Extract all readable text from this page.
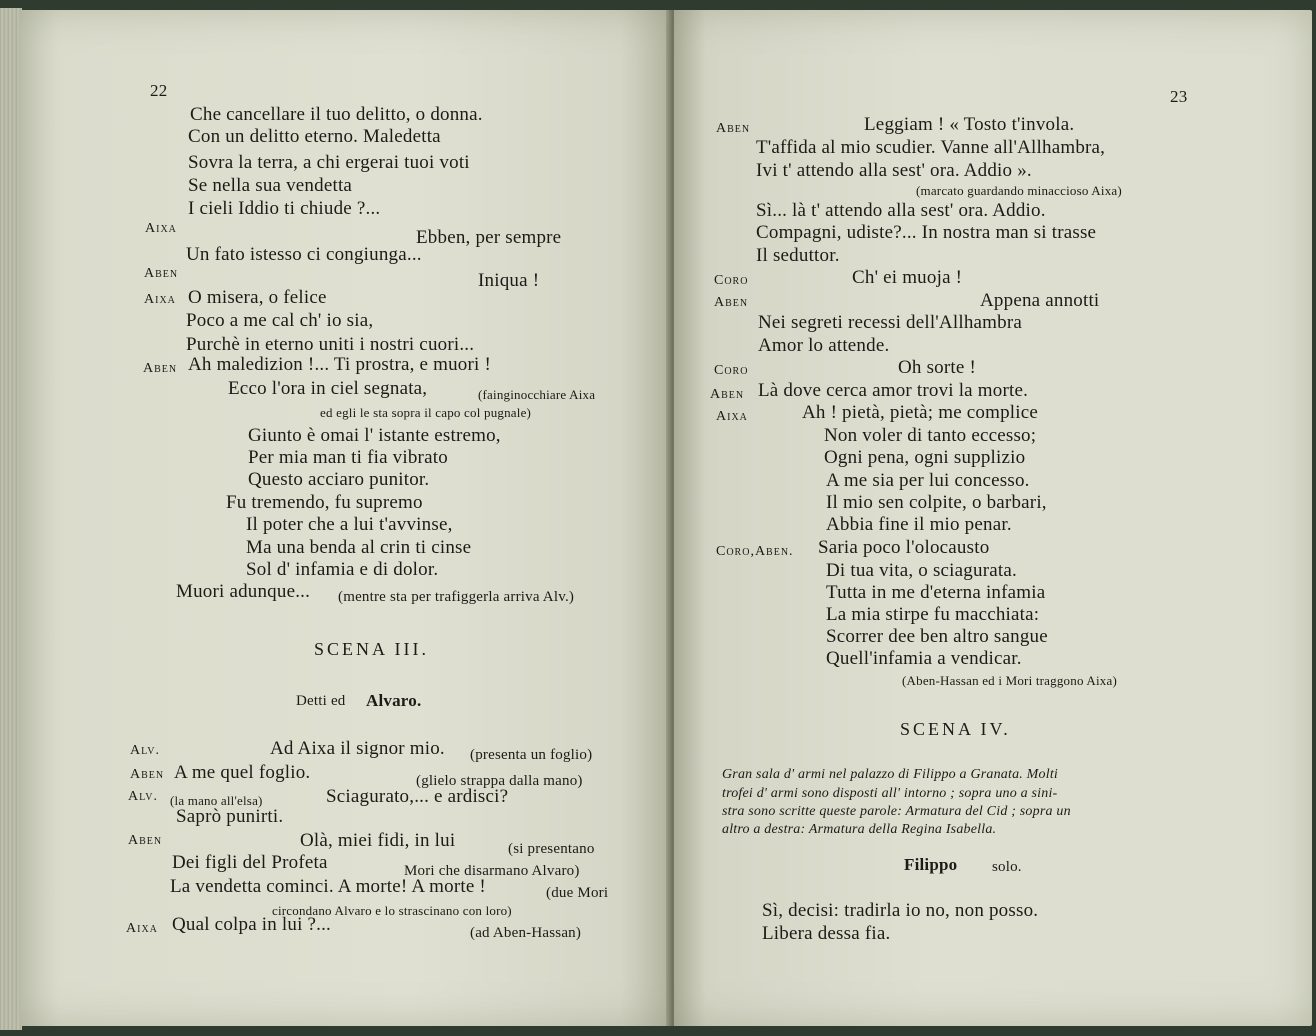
22
Che cancellare il tuo delitto, o donna.
Con un delitto eterno. Maledetta
Sovra la terra, a chi ergerai tuoi voti
Se nella sua vendetta
I cieli Iddio ti chiude ?...
Aixa	Ebben, per sempre
Un fato istesso ci congiunga...
Aben	Iniqua !
Aixa O misera, o felice
Poco a me cal ch' io sia,
Purchè in eterno uniti i nostri cuori...
Aben Ah maledizion !... Ti prostra, e muori !
Ecco l'ora in ciel segnata,	(fainginocchiare Aixa
ed egli le sta sopra il capo col pugnale)
Giunto è omai l' istante estremo,
Per mia man ti fia vibrato
Questo acciaro punitor.
Fu tremendo, fu supremo
Il poter che a lui t'avvinse,
Ma una benda al crin ti cinse
Sol d' infamia e di dolor.
Muori adunque... (mentre sta per trafiggerla arriva Alv.)
SCENA III.
Detti ed Alvaro.
Alv.	Ad Aixa il signor mio. (presenta un foglio)
Aben A me quel foglio.	(glielo strappa dalla mano)
Alv. (la mano all'elsa)	Sciagurato,... e ardisci?
Saprò punirti.
Aben	Olà, miei fidi, in lui	(si presentano
Dei figli del Profeta	Mori che disarmano Alvaro)
La vendetta cominci. A morte! A morte !	(due Mori
circondano Alvaro e lo strascinano con loro)
Aixa Qual colpa in lui ?...	(ad Aben-Hassan)
23
Aben	Leggiam ! « Tosto t'invola.
T'affida al mio scudier. Vanne all'Allhambra,
Ivi t' attendo alla sest' ora. Addio ».
(marcato guardando minaccioso Aixa)
Sì... là t' attendo alla sest' ora. Addio.
Compagni, udiste?... In nostra man si trasse
Il seduttor.
Coro	Ch' ei muoja !
Aben	Appena annotti
Nei segreti recessi dell'Allhambra
Amor lo attende.
Coro	Oh sorte !
Aben Là dove cerca amor trovi la morte.
Aixa	Ah ! pietà, pietà; me complice
Non voler di tanto eccesso;
Ogni pena, ogni supplizio
A me sia per lui concesso.
Il mio sen colpite, o barbari,
Abbia fine il mio penar.
Coro,Aben. Saria poco l'olocausto
Di tua vita, o sciagurata.
Tutta in me d'eterna infamia
La mia stirpe fu macchiata:
Scorrer dee ben altro sangue
Quell'infamia a vendicar.
(Aben-Hassan ed i Mori traggono Aixa)
SCENA IV.
Gran sala d' armi nel palazzo di Filippo a Granata. Molti
trofei d' armi sono disposti all' intorno ; sopra uno a sini-
stra sono scritte queste parole: Armatura del Cid ; sopra un
altro a destra: Armatura della Regina Isabella.
Filippo solo.
Sì, decisi: tradirla io no, non posso.
Libera dessa fia.
